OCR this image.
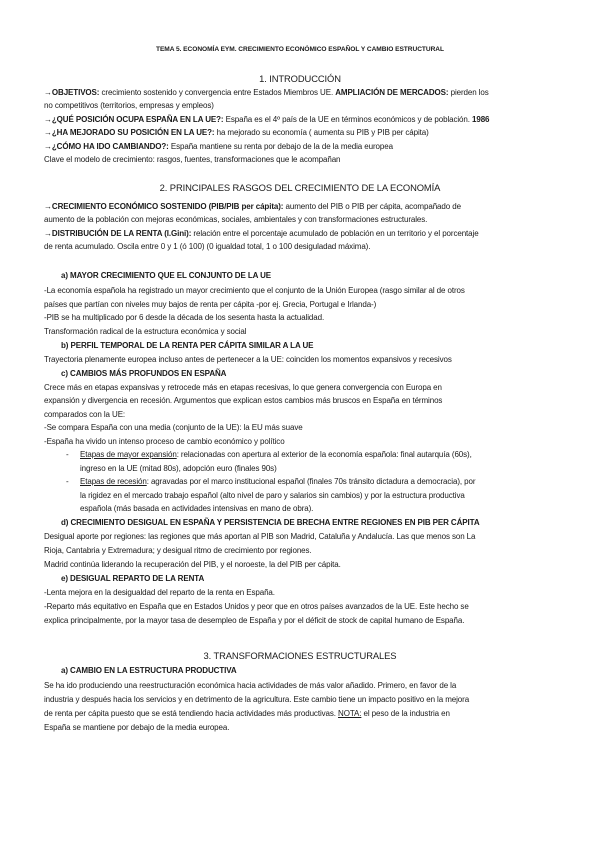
TEMA 5. ECONOMÍA EYM. CRECIMIENTO ECONÓMICO ESPAÑOL Y CAMBIO ESTRUCTURAL
1. INTRODUCCIÓN
→OBJETIVOS: crecimiento sostenido y convergencia entre Estados Miembros UE. AMPLIACIÓN DE MERCADOS: pierden los
no competitivos (territorios, empresas y empleos)
→¿QUÉ POSICIÓN OCUPA ESPAÑA EN LA UE?: España es el 4º país de la UE en términos económicos y de población. 1986
→¿HA MEJORADO SU POSICIÓN EN LA UE?: ha mejorado su economía ( aumenta su PIB y PIB per cápita)
→¿CÓMO HA IDO CAMBIANDO?: España mantiene su renta por debajo de la de la media europea
Clave el modelo de crecimiento: rasgos, fuentes, transformaciones que le acompañan
2. PRINCIPALES RASGOS DEL CRECIMIENTO DE LA ECONOMÍA
→CRECIMIENTO ECONÓMICO SOSTENIDO (PIB/PIB per cápita): aumento del PIB o PIB per cápita, acompañado de
aumento de la población con mejoras económicas, sociales, ambientales y con transformaciones estructurales.
→DISTRIBUCIÓN DE LA RENTA (I.Gini): relación entre el porcentaje acumulado de población en un territorio y el porcentaje
de renta acumulado. Oscila entre 0 y 1 (ó 100) (0 igualdad total, 1 o 100 desiguladad máxima).
a) MAYOR CRECIMIENTO QUE EL CONJUNTO DE LA UE
-La economía española ha registrado un mayor crecimiento que el conjunto de la Unión Europea (rasgo similar al de otros
países que partían con niveles muy bajos de renta per cápita -por ej. Grecia, Portugal e Irlanda-)
-PIB se ha multiplicado por 6 desde la década de los sesenta hasta la actualidad.
Transformación radical de la estructura económica y social
b) PERFIL TEMPORAL DE LA RENTA PER CÁPITA SIMILAR A LA UE
Trayectoria plenamente europea incluso antes de pertenecer a la UE: coinciden los momentos expansivos y recesivos
c) CAMBIOS MÁS PROFUNDOS EN ESPAÑA
Crece más en etapas expansivas y retrocede más en etapas recesivas, lo que genera convergencia con Europa en
expansión y divergencia en recesión. Argumentos que explican estos cambios más bruscos en España en términos
comparados con la UE:
-Se compara España con una media (conjunto de la UE): la EU más suave
-España ha vivido un intenso proceso de cambio económico y político
- Etapas de mayor expansión: relacionadas con apertura al exterior de la economía española: final autarquía (60s),
ingreso en la UE (mitad 80s), adopción euro (finales 90s)
- Etapas de recesión: agravadas por el marco institucional español (finales 70s tránsito dictadura a democracia), por
la rigidez en el mercado trabajo español (alto nivel de paro y salarios sin cambios) y por la estructura productiva
española (más basada en actividades intensivas en mano de obra).
d) CRECIMIENTO DESIGUAL EN ESPAÑA Y PERSISTENCIA DE BRECHA ENTRE REGIONES EN PIB PER CÁPITA
Desigual aporte por regiones: las regiones que más aportan al PIB son Madrid, Cataluña y Andalucía. Las que menos son La
Rioja, Cantabria y Extremadura; y desigual ritmo de crecimiento por regiones.
Madrid continúa liderando la recuperación del PIB, y el noroeste, la del PIB per cápita.
e) DESIGUAL REPARTO DE LA RENTA
-Lenta mejora en la desigualdad del reparto de la renta en España.
-Reparto más equitativo en España que en Estados Unidos y peor que en otros países avanzados de la UE. Este hecho se
explica principalmente, por la mayor tasa de desempleo de España y por el déficit de stock de capital humano de España.
3. TRANSFORMACIONES ESTRUCTURALES
a) CAMBIO EN LA ESTRUCTURA PRODUCTIVA
Se ha ido produciendo una reestructuración económica hacia actividades de más valor añadido. Primero, en favor de la
industria y después hacia los servicios y en detrimento de la agricultura. Este cambio tiene un impacto positivo en la mejora
de renta per cápita puesto que se está tendiendo hacia actividades más productivas. NOTA: el peso de la industria en
España se mantiene por debajo de la media europea.
